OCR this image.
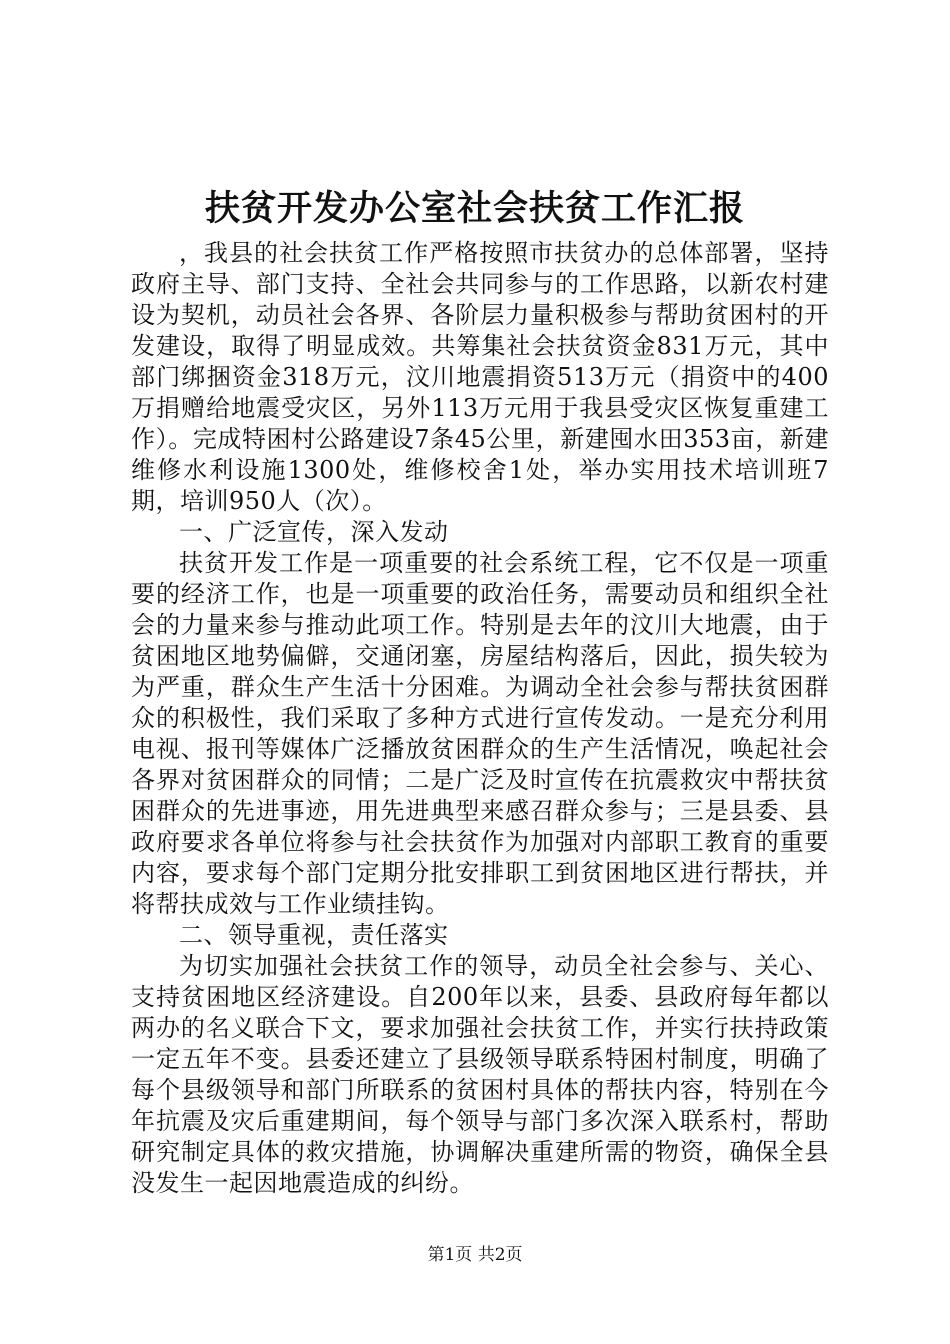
扶贫开发办公室社会扶贫工作汇报

，我县的社会扶贫工作严格按照市扶贫办的总体部署，坚持政府主导、部门支持、全社会共同参与的工作思路，以新农村建设为契机，动员社会各界、各阶层力量积极参与帮助贫困村的开发建设，取得了明显成效。共筹集社会扶贫资金831万元，其中部门绑捆资金318万元，汶川地震捐资513万元（捐资中的400万捐赠给地震受灾区，另外113万元用于我县受灾区恢复重建工作）。完成特困村公路建设7条45公里，新建囤水田353亩，新建维修水利设施1300处，维修校舍1处，举办实用技术培训班7期，培训950人（次）。

一、广泛宣传，深入发动

扶贫开发工作是一项重要的社会系统工程，它不仅是一项重要的经济工作，也是一项重要的政治任务，需要动员和组织全社会的力量来参与推动此项工作。特别是去年的汶川大地震，由于贫困地区地势偏僻，交通闭塞，房屋结构落后，因此，损失较为为严重，群众生产生活十分困难。为调动全社会参与帮扶贫困群众的积极性，我们采取了多种方式进行宣传发动。一是充分利用电视、报刊等媒体广泛播放贫困群众的生产生活情况，唤起社会各界对贫困群众的同情；二是广泛及时宣传在抗震救灾中帮扶贫困群众的先进事迹，用先进典型来感召群众参与；三是县委、县政府要求各单位将参与社会扶贫作为加强对内部职工教育的重要内容，要求每个部门定期分批安排职工到贫困地区进行帮扶，并将帮扶成效与工作业绩挂钩。

二、领导重视，责任落实

为切实加强社会扶贫工作的领导，动员全社会参与、关心、支持贫困地区经济建设。自200年以来，县委、县政府每年都以两办的名义联合下文，要求加强社会扶贫工作，并实行扶持政策一定五年不变。县委还建立了县级领导联系特困村制度，明确了每个县级领导和部门所联系的贫困村具体的帮扶内容，特别在今年抗震及灾后重建期间，每个领导与部门多次深入联系村，帮助研究制定具体的救灾措施，协调解决重建所需的物资，确保全县没发生一起因地震造成的纠纷。

第1页 共2页
